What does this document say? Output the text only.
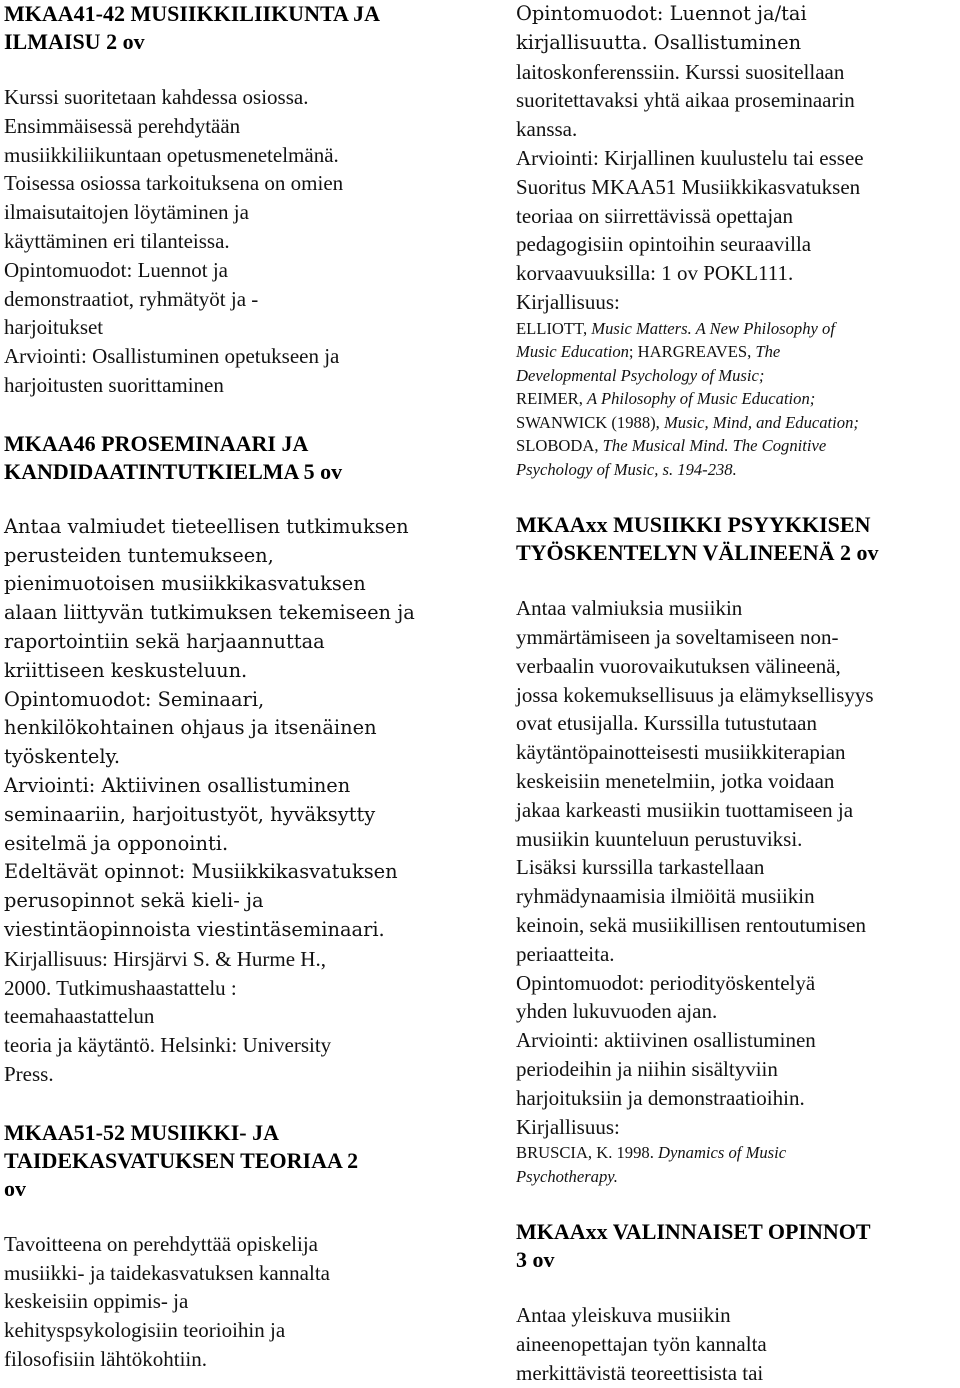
MKAA41-42 MUSIIKKILIIKUNTA JA

ILMAISU 2 ov

Kurssi suoritetaan kahdessa osiossa.

Ensimmäisessä perehdytään

musiikkiliikuntaan opetusmenetelmänä.

Toisessa osiossa tarkoituksena on omien

ilmaisutaitojen löytäminen ja

käyttäminen eri tilanteissa.

Opintomuodot: Luennot ja

demonstraatiot, ryhmätyöt ja -

harjoitukset

Arviointi: Osallistuminen opetukseen ja

harjoitusten suorittaminen

MKAA46 PROSEMINAARI JA

KANDIDAATINTUTKIELMA 5 ov

Antaa valmiudet tieteellisen tutkimuksen

perusteiden tuntemukseen,

pienimuotoisen musiikkikasvatuksen

alaan liittyvän tutkimuksen tekemiseen ja

raportointiin sekä harjaannuttaa

kriittiseen keskusteluun.

Opintomuodot: Seminaari,

henkilökohtainen ohjaus ja itsenäinen

työskentely.

Arviointi: Aktiivinen osallistuminen

seminaariin, harjoitustyöt, hyväksytty

esitelmä ja opponointi.

Edeltävät opinnot: Musiikkikasvatuksen

perusopinnot sekä kieli- ja

viestintäopinnoista viestintäseminaari.

Kirjallisuus: Hirsjärvi S. & Hurme H.,

2000. Tutkimushaastattelu :

teemahaastattelun

teoria ja käytäntö. Helsinki: University

Press.

MKAA51-52 MUSIIKKI- JA

TAIDEKASVATUKSEN TEORIAA 2

ov

Tavoitteena on perehdyttää opiskelija

musiikki- ja taidekasvatuksen kannalta

keskeisiin oppimis- ja

kehityspsykologisiin teorioihin ja

filosofisiin lähtökohtiin.

Opintomuodot: Luennot ja/tai

kirjallisuutta. Osallistuminen

laitoskonferenssiin. Kurssi suositellaan

suoritettavaksi yhtä aikaa proseminaarin

kanssa.

Arviointi: Kirjallinen kuulustelu tai essee

Suoritus MKAA51 Musiikkikasvatuksen

teoriaa on siirrettävissä opettajan

pedagogisiin opintoihin seuraavilla

korvaavuuksilla: 1 ov POKL111.

Kirjallisuus:

ELLIOTT, Music Matters. A New Philosophy of

Music Education; HARGREAVES, The

Developmental Psychology of Music;

REIMER, A Philosophy of Music Education;

SWANWICK (1988), Music, Mind, and Education;

SLOBODA, The Musical Mind. The Cognitive

Psychology of Music, s. 194-238.

MKAAxx MUSIIKKI PSYYKKISEN

TYÖSKENTELYN VÄLINEENÄ 2 ov

Antaa valmiuksia musiikin

ymmärtämiseen ja soveltamiseen non-

verbaalin vuorovaikutuksen välineenä,

jossa kokemuksellisuus ja elämyksellisyys

ovat etusijalla. Kurssilla tutustutaan

käytäntöpainotteisesti musiikkiterapian

keskeisiin menetelmiin, jotka voidaan

jakaa karkeasti musiikin tuottamiseen ja

musiikin kuunteluun perustuviksi.

Lisäksi kurssilla tarkastellaan

ryhmädynaamisia ilmiöitä musiikin

keinoin, sekä musiikillisen rentoutumisen

periaatteita.

Opintomuodot: periodityöskentelyä

yhden lukuvuoden ajan.

Arviointi: aktiivinen osallistuminen

periodeihin ja niihin sisältyviin

harjoituksiin ja demonstraatioihin.

Kirjallisuus:

BRUSCIA, K. 1998. Dynamics of Music

Psychotherapy.

MKAAxx VALINNAISET OPINNOT

3 ov

Antaa yleiskuva musiikin

aineenopettajan työn kannalta

merkittävistä teoreettisista tai
